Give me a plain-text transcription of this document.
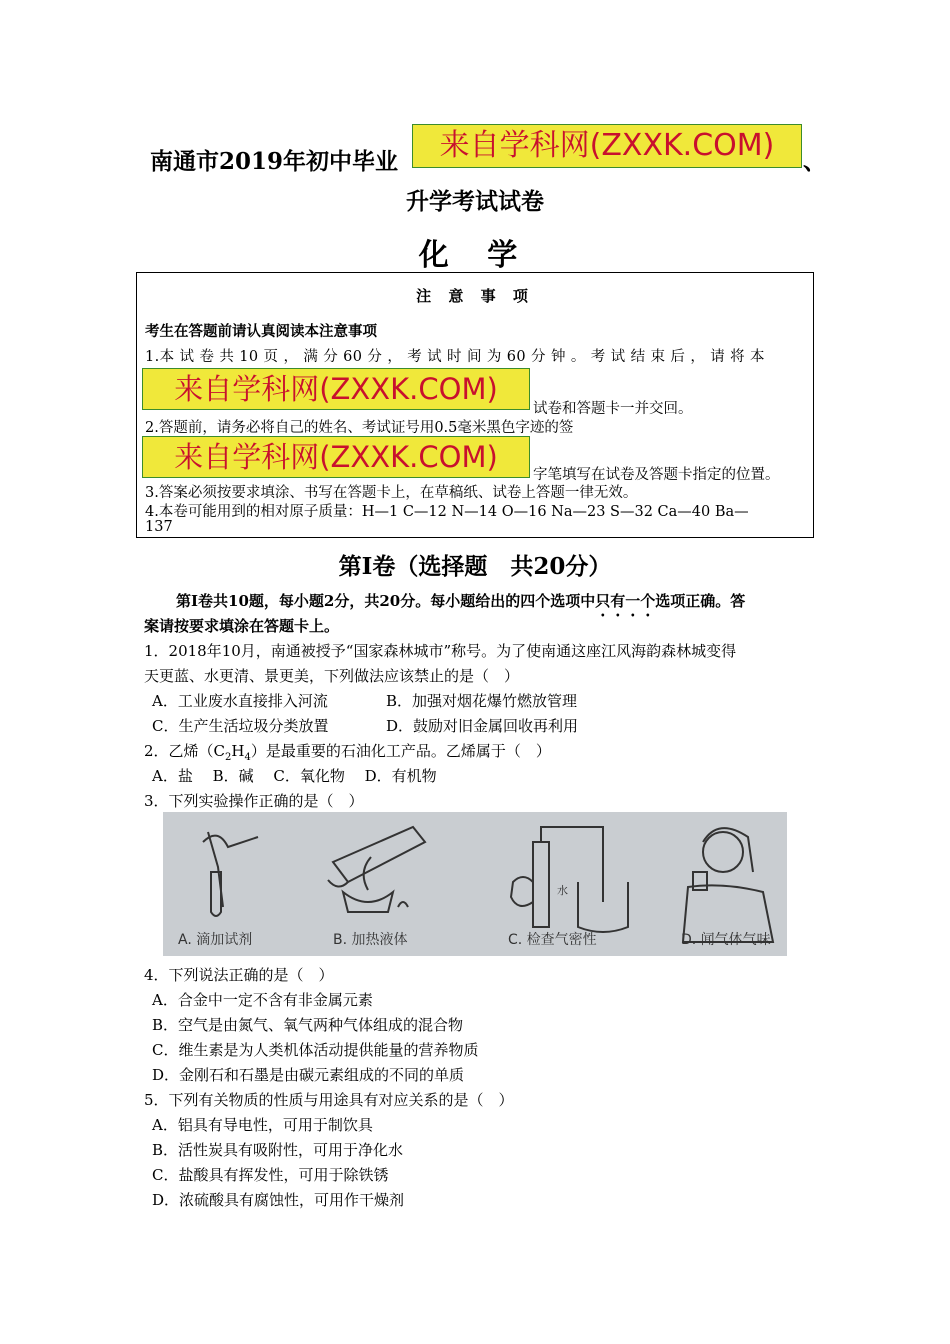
南通市2019年初中毕业	来自学科网(ZXXK.COM)	、
升学考试试卷
化 学
注 意 事 项
考生在答题前请认真阅读本注意事项
1.本 试 卷 共 10 页 ， 满 分 60 分 ， 考 试 时 间 为 60 分 钟 。 考 试 结 束 后 ， 请 将 本
试卷和答题卡一并交回。
2.答题前，请务必将自己的姓名、考试证号用0.5毫米黑色字迹的签
字笔填写在试卷及答题卡指定的位置。
3.答案必须按要求填涂、书写在答题卡上，在草稿纸、试卷上答题一律无效。
4.本卷可能用到的相对原子质量：H—1 C—12 N—14 O—16 Na—23 S—32 Ca—40 Ba—
137
来自学科网(ZXXK.COM)
来自学科网(ZXXK.COM)
第Ⅰ卷（选择题　共20分）
第Ⅰ卷共10题，每小题2分，共20分。每小题给出的四个选项中只有一个选项正确。答
案请按要求填涂在答题卡上。
1．2018年10月，南通被授予“国家森林城市”称号。为了使南通这座江风海韵森林城变得
天更蓝、水更清、景更美，下列做法应该禁止的是（　）
A．工业废水直接排入河流	B．加强对烟花爆竹燃放管理
C．生产生活垃圾分类放置	D．鼓励对旧金属回收再利用
2．乙烯$(C_2H_4)$是最重要的石油化工产品。乙烯属于（　）
A．盐　 B．碱　 C．氧化物　 D．有机物
3．下列实验操作正确的是（　）
A. 滴加试剂	B. 加热液体	C. 检查气密性	D. 闻气体气味
水
4．下列说法正确的是（　）
A．合金中一定不含有非金属元素
B．空气是由氮气、氧气两种气体组成的混合物
C．维生素是为人类机体活动提供能量的营养物质
D．金刚石和石墨是由碳元素组成的不同的单质
5．下列有关物质的性质与用途具有对应关系的是（　）
A．铝具有导电性，可用于制饮具
B．活性炭具有吸附性，可用于净化水
C．盐酸具有挥发性，可用于除铁锈
D．浓硫酸具有腐蚀性，可用作干燥剂
